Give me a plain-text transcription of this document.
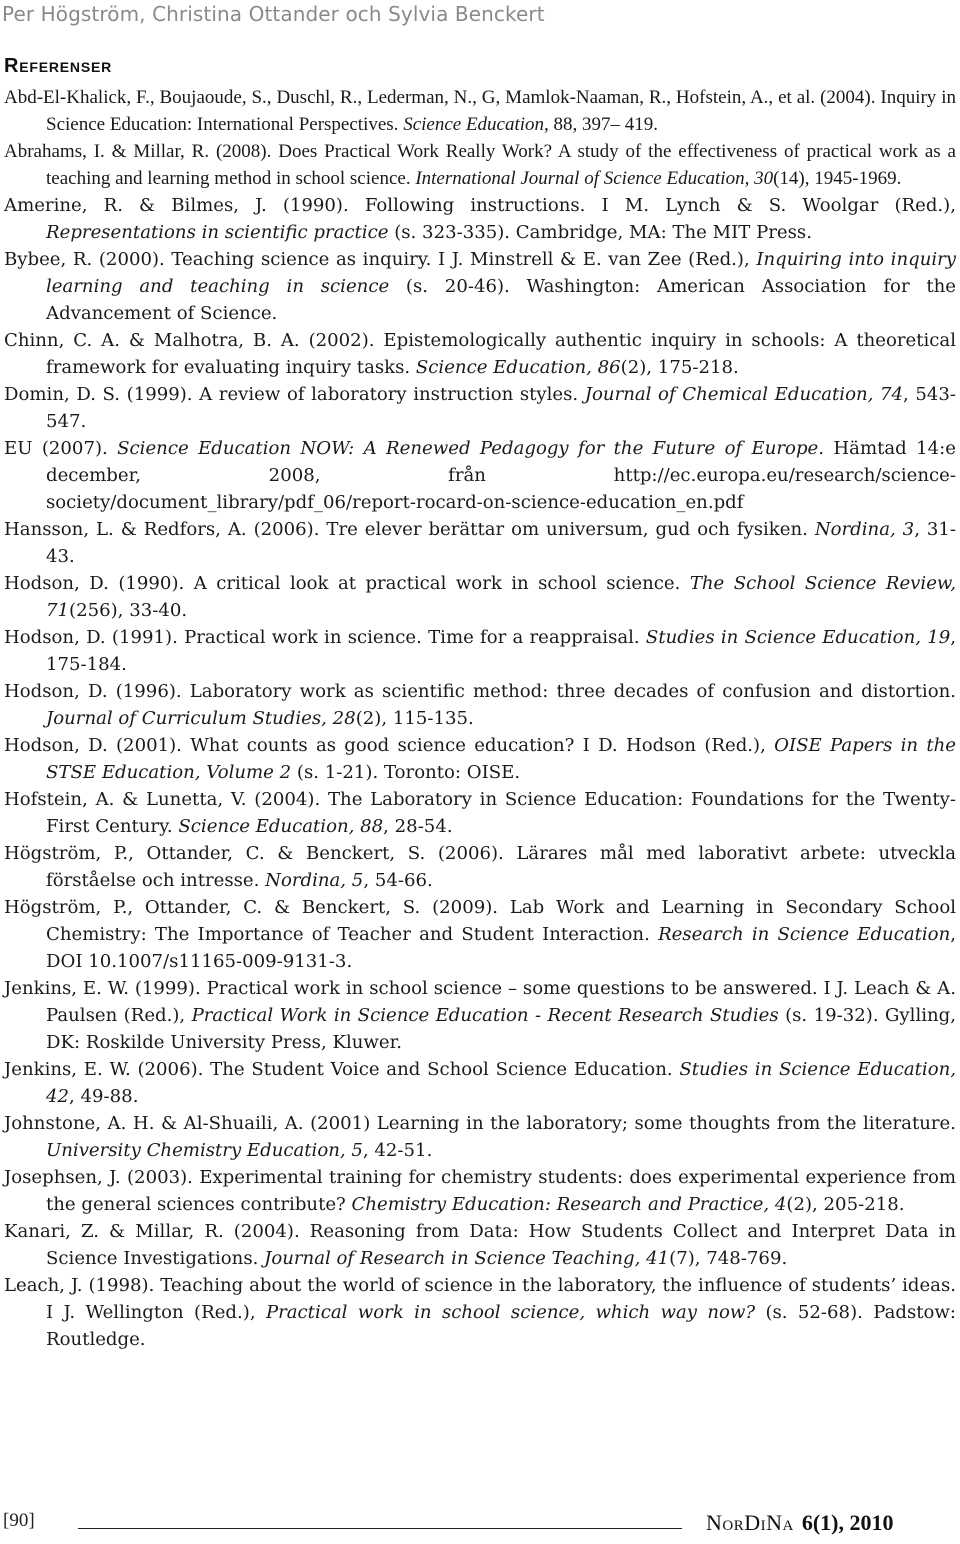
Per Högström, Christina Ottander och Sylvia Benckert
Referenser

Abd-El-Khalick, F., Boujaoude, S., Duschl, R., Lederman, N., G, Mamlok-Naaman, R., Hofstein, A., et al. (2004). Inquiry in Science Education: International Perspectives. Science Education, 88, 397– 419.

Abrahams, I. & Millar, R. (2008). Does Practical Work Really Work? A study of the effectiveness of practical work as a teaching and learning method in school science. International Journal of Science Education, 30(14), 1945-1969.

Amerine, R. & Bilmes, J. (1990). Following instructions. I M. Lynch & S. Woolgar (Red.), Representations in scientific practice (s. 323-335). Cambridge, MA: The MIT Press.

Bybee, R. (2000). Teaching science as inquiry. I J. Minstrell & E. van Zee (Red.), Inquiring into inquiry learning and teaching in science (s. 20-46). Washington: American Association for the Advancement of Science.

Chinn, C. A. & Malhotra, B. A. (2002). Epistemologically authentic inquiry in schools: A theoretical framework for evaluating inquiry tasks. Science Education, 86(2), 175-218.

Domin, D. S. (1999). A review of laboratory instruction styles. Journal of Chemical Education, 74, 543-547.

EU (2007). Science Education NOW: A Renewed Pedagogy for the Future of Europe. Hämtad 14:e december, 2008, från http://ec.europa.eu/research/science-society/document_library/pdf_06/report-rocard-on-science-education_en.pdf

Hansson, L. & Redfors, A. (2006). Tre elever berättar om universum, gud och fysiken. Nordina, 3, 31-43.

Hodson, D. (1990). A critical look at practical work in school science. The School Science Review, 71(256), 33-40.

Hodson, D. (1991). Practical work in science. Time for a reappraisal. Studies in Science Education, 19, 175-184.

Hodson, D. (1996). Laboratory work as scientific method: three decades of confusion and distortion. Journal of Curriculum Studies, 28(2), 115-135.

Hodson, D. (2001). What counts as good science education? I D. Hodson (Red.), OISE Papers in the STSE Education, Volume 2 (s. 1-21). Toronto: OISE.

Hofstein, A. & Lunetta, V. (2004). The Laboratory in Science Education: Foundations for the Twenty-First Century. Science Education, 88, 28-54.

Högström, P., Ottander, C. & Benckert, S. (2006). Lärares mål med laborativt arbete: utveckla förståelse och intresse. Nordina, 5, 54-66.

Högström, P., Ottander, C. & Benckert, S. (2009). Lab Work and Learning in Secondary School Chemistry: The Importance of Teacher and Student Interaction. Research in Science Education, DOI 10.1007/s11165-009-9131-3.

Jenkins, E. W. (1999). Practical work in school science – some questions to be answered. I J. Leach & A. Paulsen (Red.), Practical Work in Science Education - Recent Research Studies (s. 19-32). Gylling, DK: Roskilde University Press, Kluwer.

Jenkins, E. W. (2006). The Student Voice and School Science Education. Studies in Science Education, 42, 49-88.

Johnstone, A. H. & Al-Shuaili, A. (2001) Learning in the laboratory; some thoughts from the literature. University Chemistry Education, 5, 42-51.

Josephsen, J. (2003). Experimental training for chemistry students: does experimental experience from the general sciences contribute? Chemistry Education: Research and Practice, 4(2), 205-218.

Kanari, Z. & Millar, R. (2004). Reasoning from Data: How Students Collect and Interpret Data in Science Investigations. Journal of Research in Science Teaching, 41(7), 748-769.

Leach, J. (1998). Teaching about the world of science in the laboratory, the influence of students’ ideas. I J. Wellington (Red.), Practical work in school science, which way now? (s. 52-68). Padstow: Routledge.

[90]	NorDiNa 6(1), 2010
